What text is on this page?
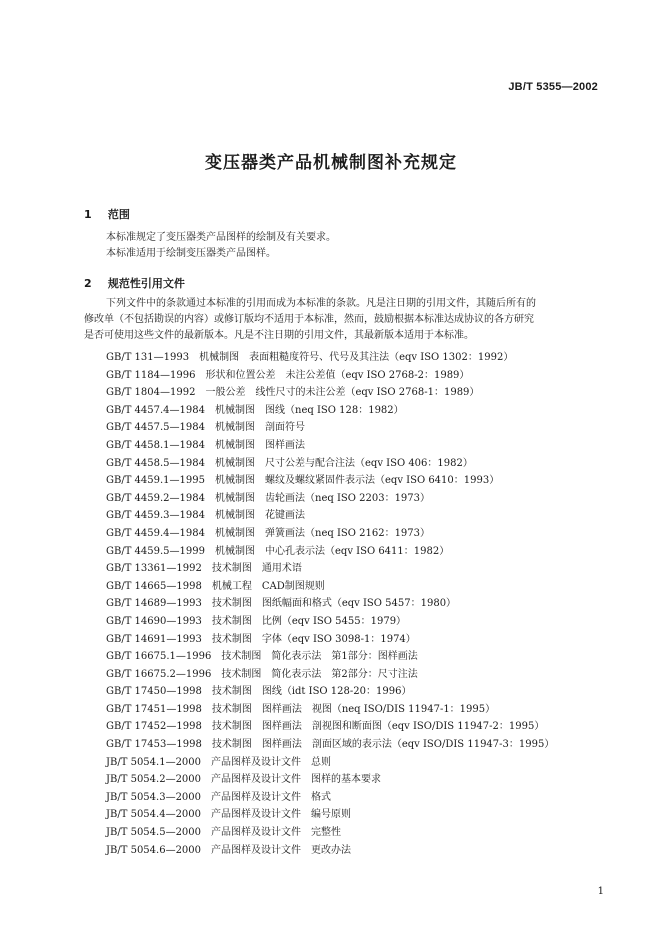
JB/T 5355—2002
变压器类产品机械制图补充规定
1 范围
本标准规定了变压器类产品图样的绘制及有关要求。
本标准适用于绘制变压器类产品图样。
2 规范性引用文件
下列文件中的条款通过本标准的引用而成为本标准的条款。凡是注日期的引用文件，其随后所有的
修改单（不包括勘误的内容）或修订版均不适用于本标准，然而，鼓励根据本标准达成协议的各方研究
是否可使用这些文件的最新版本。凡是不注日期的引用文件，其最新版本适用于本标准。
GB/T 131—1993 机械制图　表面粗糙度符号、代号及其注法（eqv ISO 1302：1992）
GB/T 1184—1996 形状和位置公差　未注公差值（eqv ISO 2768-2：1989）
GB/T 1804—1992 一般公差　线性尺寸的未注公差（eqv ISO 2768-1：1989）
GB/T 4457.4—1984 机械制图　图线（neq ISO 128：1982）
GB/T 4457.5—1984 机械制图　剖面符号
GB/T 4458.1—1984 机械制图　图样画法
GB/T 4458.5—1984 机械制图　尺寸公差与配合注法（eqv ISO 406：1982）
GB/T 4459.1—1995 机械制图　螺纹及螺纹紧固件表示法（eqv ISO 6410：1993）
GB/T 4459.2—1984 机械制图　齿轮画法（neq ISO 2203：1973）
GB/T 4459.3—1984 机械制图　花键画法
GB/T 4459.4—1984 机械制图　弹簧画法（neq ISO 2162：1973）
GB/T 4459.5—1999 机械制图　中心孔表示法（eqv ISO 6411：1982）
GB/T 13361—1992 技术制图　通用术语
GB/T 14665—1998 机械工程　CAD制图规则
GB/T 14689—1993 技术制图　图纸幅面和格式（eqv ISO 5457：1980）
GB/T 14690—1993 技术制图　比例（eqv ISO 5455：1979）
GB/T 14691—1993 技术制图　字体（eqv ISO 3098-1：1974）
GB/T 16675.1—1996 技术制图　简化表示法　第1部分：图样画法
GB/T 16675.2—1996 技术制图　简化表示法　第2部分：尺寸注法
GB/T 17450—1998 技术制图　图线（idt ISO 128-20：1996）
GB/T 17451—1998 技术制图　图样画法　视图（neq ISO/DIS 11947-1：1995）
GB/T 17452—1998 技术制图　图样画法　剖视图和断面图（eqv ISO/DIS 11947-2：1995）
GB/T 17453—1998 技术制图　图样画法　剖面区域的表示法（eqv ISO/DIS 11947-3：1995）
JB/T 5054.1—2000 产品图样及设计文件　总则
JB/T 5054.2—2000 产品图样及设计文件　图样的基本要求
JB/T 5054.3—2000 产品图样及设计文件　格式
JB/T 5054.4—2000 产品图样及设计文件　编号原则
JB/T 5054.5—2000 产品图样及设计文件　完整性
JB/T 5054.6—2000 产品图样及设计文件　更改办法
1
